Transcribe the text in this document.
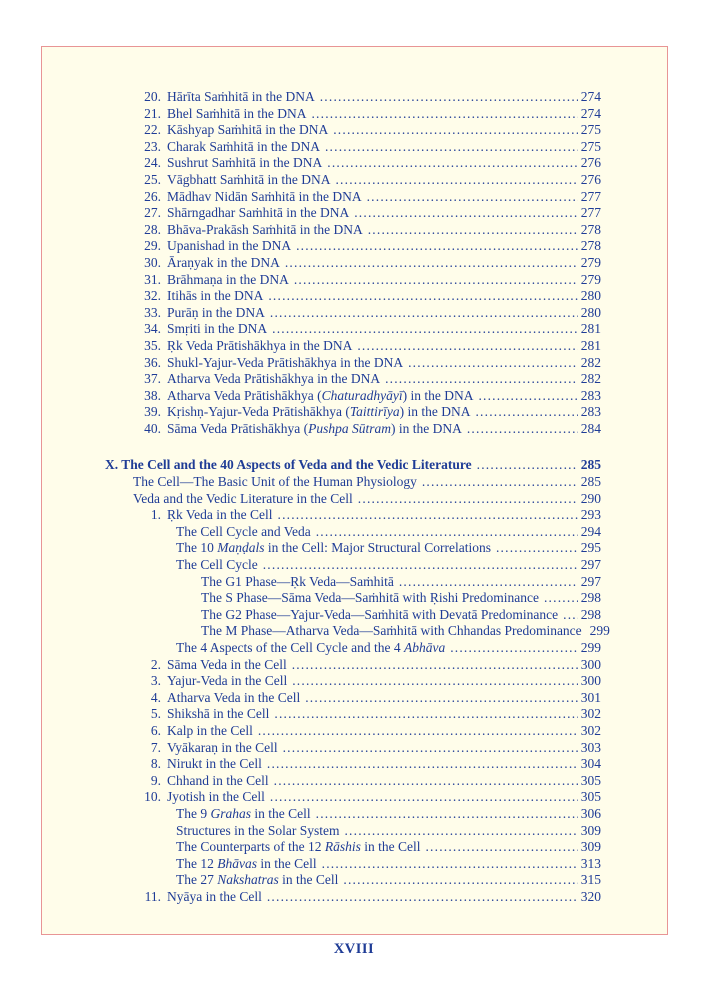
20. Hārīta Saṁhitā in the DNA .....	274
21. Bhel Saṁhitā in the DNA .....	274
22. Kāshyap Saṁhitā in the DNA .....	275
23. Charak Saṁhitā in the DNA .....	275
24. Sushrut Saṁhitā in the DNA .....	276
25. Vāgbhatt Saṁhitā in the DNA .....	276
26. Mādhav Nidān Saṁhitā in the DNA .....	277
27. Shārngadhar Saṁhitā in the DNA .....	277
28. Bhāva-Prakāsh Saṁhitā in the DNA .....	278
29. Upanishad in the DNA .....	278
30. Āraṇyak in the DNA .....	279
31. Brāhmaṇa in the DNA .....	279
32. Itihās in the DNA .....	280
33. Purāṇ in the DNA .....	280
34. Smṛiti in the DNA .....	281
35. Ṛk Veda Prātishākhya in the DNA .....	281
36. Shukl-Yajur-Veda Prātishākhya in the DNA .....	282
37. Atharva Veda Prātishākhya in the DNA .....	282
38. Atharva Veda Prātishākhya (Chaturadhyāyī) in the DNA .....	283
39. Kṛishṇ-Yajur-Veda Prātishākhya (Taittirīya) in the DNA .....	283
40. Sāma Veda Prātishākhya (Pushpa Sūtram) in the DNA .....	284
X. The Cell and the 40 Aspects of Veda and the Vedic Literature .....	285
The Cell—The Basic Unit of the Human Physiology .....	285
Veda and the Vedic Literature in the Cell .....	290
1. Ṛk Veda in the Cell .....	293
The Cell Cycle and Veda .....	294
The 10 Maṇḍals in the Cell: Major Structural Correlations .....	295
The Cell Cycle .....	297
The G1 Phase—Ṛk Veda—Saṁhitā .....	297
The S Phase—Sāma Veda—Saṁhitā with Ṛishi Predominance .....	298
The G2 Phase—Yajur-Veda—Saṁhitā with Devatā Predominance ..... 298
The M Phase—Atharva Veda—Saṁhitā with Chhandas Predominance 299
The 4 Aspects of the Cell Cycle and the 4 Abhāva .....	299
2. Sāma Veda in the Cell .....	300
3. Yajur-Veda in the Cell .....	300
4. Atharva Veda in the Cell .....	301
5. Shikshā in the Cell .....	302
6. Kalp in the Cell .....	302
7. Vyākaraṇ in the Cell .....	303
8. Nirukt in the Cell .....	304
9. Chhand in the Cell .....	305
10. Jyotish in the Cell .....	305
The 9 Grahas in the Cell .....	306
Structures in the Solar System .....	309
The Counterparts of the 12 Rāshis in the Cell .....	309
The 12 Bhāvas in the Cell .....	313
The 27 Nakshatras in the Cell .....	315
11. Nyāya in the Cell .....	320
XVIII
